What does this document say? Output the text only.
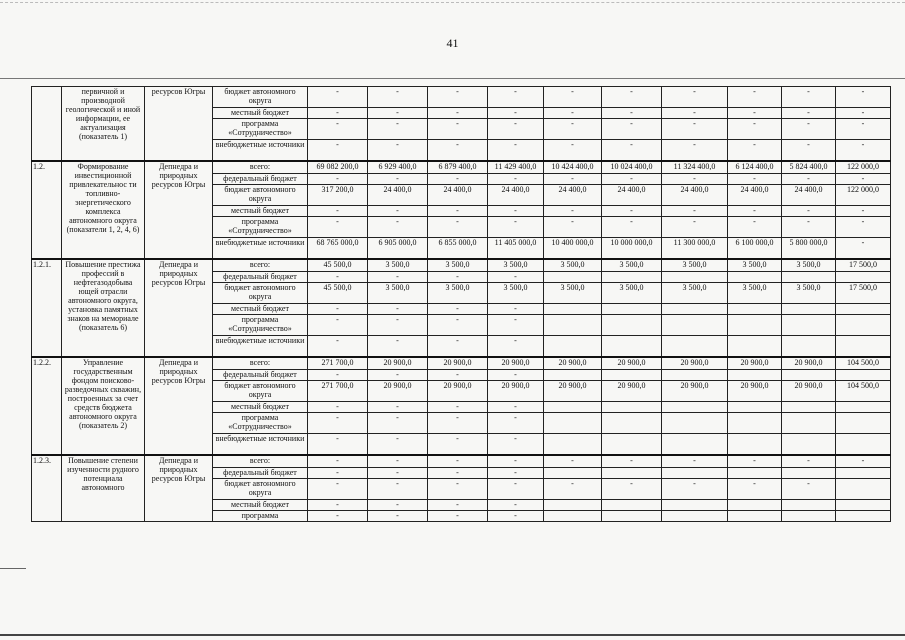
41
	первичной и производной геологической и иной информации, ее актуализация (показатель 1)	ресурсов Югры	бюджет автономного округа	-	-	-	-	-	-	-	-	-	-
			местный бюджет	-	-	-	-	-	-	-	-	-	-
			программа «Сотрудничество»	-	-	-	-	-	-	-	-	-	-
			внебюджетные источники	-	-	-	-	-	-	-	-	-	-
1.2.	Формирование инвестиционной привлекательнос ти топливно-энергетического комплекса автономного округа (показатели 1, 2, 4, 6)	Депнедра и природных ресурсов Югры	всего:	69 082 200,0	6 929 400,0	6 879 400,0	11 429 400,0	10 424 400,0	10 024 400,0	11 324 400,0	6 124 400,0	5 824 400,0	122 000,0
			федеральный бюджет	-	-	-	-	-	-	-	-	-	-
			бюджет автономного округа	317 200,0	24 400,0	24 400,0	24 400,0	24 400,0	24 400,0	24 400,0	24 400,0	24 400,0	122 000,0
			местный бюджет	-	-	-	-	-	-	-	-	-	-
			программа «Сотрудничество»	-	-	-	-	-	-	-	-	-	-
			внебюджетные источники	68 765 000,0	6 905 000,0	6 855 000,0	11 405 000,0	10 400 000,0	10 000 000,0	11 300 000,0	6 100 000,0	5 800 000,0	-
1.2.1.	Повышение престижа профессий в нефтегазодобыва ющей отрасли автономного округа, установка памятных знаков на мемориале (показатель 6)	Депнедра и природных ресурсов Югры	всего:	45 500,0	3 500,0	3 500,0	3 500,0	3 500,0	3 500,0	3 500,0	3 500,0	3 500,0	17 500,0
			федеральный бюджет	-	-	-	-						
			бюджет автономного округа	45 500,0	3 500,0	3 500,0	3 500,0	3 500,0	3 500,0	3 500,0	3 500,0	3 500,0	17 500,0
			местный бюджет	-	-	-	-						
			программа «Сотрудничество»	-	-	-	-						
			внебюджетные источники	-	-	-	-						
1.2.2.	Управление государственным фондом поисково-разведочных скважин, построенных за счет средств бюджета автономного округа (показатель 2)	Депнедра и природных ресурсов Югры	всего:	271 700,0	20 900,0	20 900,0	20 900,0	20 900,0	20 900,0	20 900,0	20 900,0	20 900,0	104 500,0
			федеральный бюджет	-	-	-	-						
			бюджет автономного округа	271 700,0	20 900,0	20 900,0	20 900,0	20 900,0	20 900,0	20 900,0	20 900,0	20 900,0	104 500,0
			местный бюджет	-	-	-	-						
			программа «Сотрудничество»	-	-	-	-						
			внебюджетные источники	-	-	-	-						
1.2.3.	Повышение степени изученности рудного потенциала автономного	Депнедра и природных ресурсов Югры	всего:	-	-	-	-	-	-	-	-	-	-
			федеральный бюджет	-	-	-	-						
			бюджет автономного округа	-	-	-	-	-	-	-	-	-	
			местный бюджет	-	-	-	-						
			программа	-	-	-	-						
